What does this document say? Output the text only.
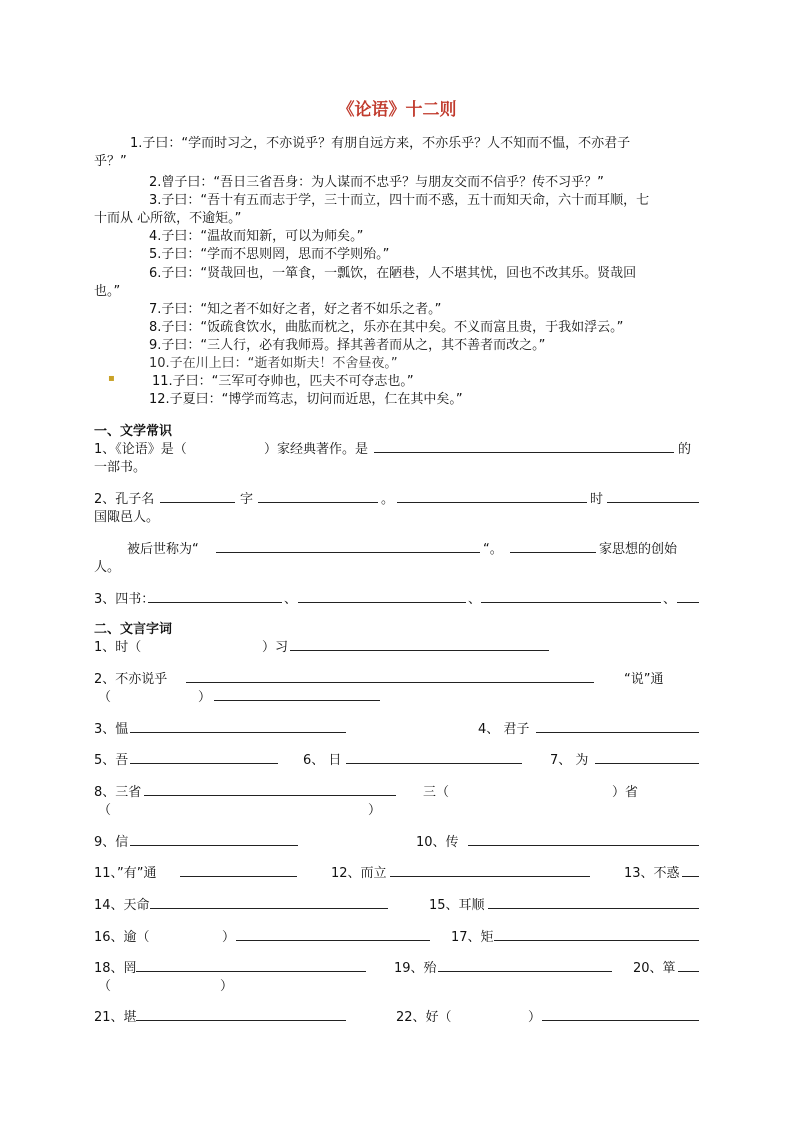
《论语》十二则
1.子曰：“学而时习之，不亦说乎？有朋自远方来，不亦乐乎？人不知而不愠，不亦君子
乎？”
2.曾子曰：“吾日三省吾身：为人谋而不忠乎？与朋友交而不信乎？传不习乎？”
3.子曰：“吾十有五而志于学，三十而立，四十而不惑，五十而知天命，六十而耳顺，七
十而从 心所欲，不逾矩。”
4.子曰：“温故而知新，可以为师矣。”
5.子曰：“学而不思则罔，思而不学则殆。”
6.子曰：“贤哉回也，一箪食，一瓢饮，在陋巷，人不堪其忧，回也不改其乐。贤哉回
也。”
7.子曰：“知之者不如好之者，好之者不如乐之者。”
8.子曰：“饭疏食饮水，曲肱而枕之，乐亦在其中矣。不义而富且贵，于我如浮云。”
9.子曰：“三人行，必有我师焉。择其善者而从之，其不善者而改之。”
10.子在川上曰：“逝者如斯夫！不舍昼夜。”
▪	11.子曰：“三军可夺帅也，匹夫不可夺志也。”
12.子夏曰：“博学而笃志，切问而近思，仁在其中矣。”
一、文学常识
1、《论语》是（	）家经典著作。是	的
一部书。
2、孔子名	字	。	时
国陬邑人。
被后世称为“	“。	家思想的创始
人。
3、四书：	、	、	、
二、文言字词
1、时（	）习
2、不亦说乎	“说”通
（	）
3、愠	4、 君子
5、吾	6、 日	7、 为
8、三省	三（	）省
（	）
9、信	10、传
11、”有”通	12、而立	13、不惑
14、天命	15、耳顺
16、逾（	）	17、矩
18、罔	19、殆	20、箪
（	）
21、堪	22、好（	）
